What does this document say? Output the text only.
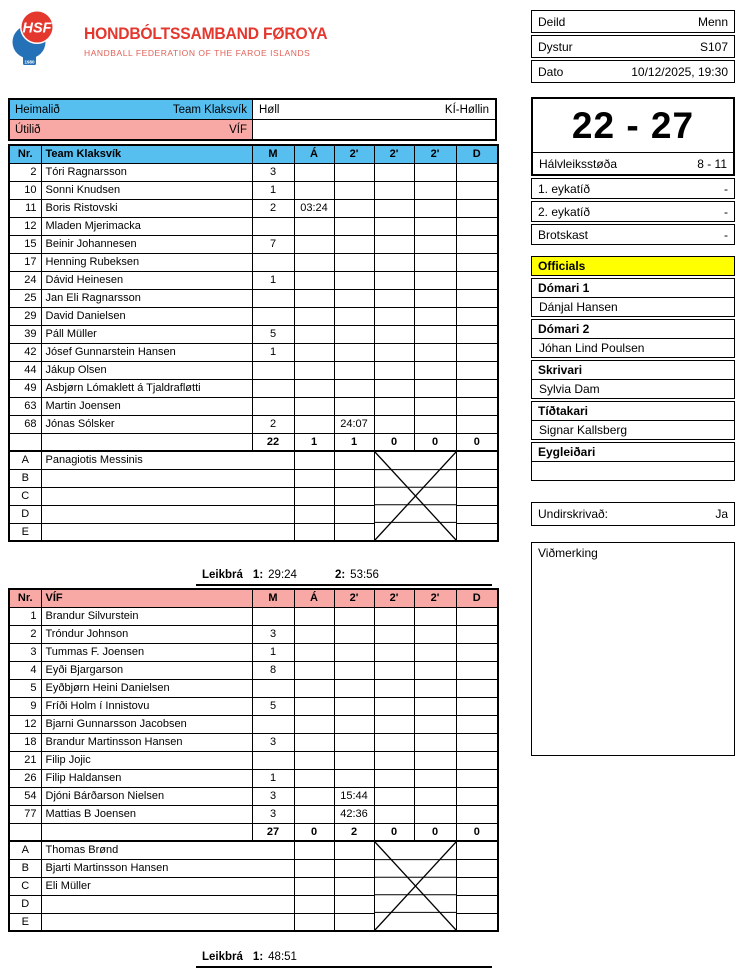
1980
HSF HONDBÓLTSSAMBAND FØROYA
HANDBALL FEDERATION OF THE FAROE ISLANDS
Heimalið	Team Klaksvík Høll	KÍ-Høllin
Útilið	VÍF
Nr.	Team Klaksvík	M	Á	2'	2'	2'	D
2	Tóri Ragnarsson	3					
10	Sonni Knudsen	1					
11	Boris Ristovski	2	03:24				
12	Mladen Mjerimacka						
15	Beinir Johannesen	7					
17	Henning Rubeksen						
24	Dávid Heinesen	1					
25	Jan Eli Ragnarsson						
29	David Danielsen						
39	Páll Müller	5					
42	Jósef Gunnarstein Hansen	1					
44	Jákup Olsen						
49	Asbjørn Lómaklett á Tjaldrafløtti						
63	Martin Joensen						
68	Jónas Sólsker	2		24:07			
		22	1	1	0	0	0
A	Panagiotis Messinis			

B							
C							
D							
E							
Leikbrá 1: 29:24	2: 53:56
Nr.	VÍF	M	Á	2'	2'	2'	D
1	Brandur Silvurstein						
2	Tróndur Johnson	3					
3	Tummas F. Joensen	1					
4	Eyði Bjargarson	8					
5	Eyðbjørn Heini Danielsen						
9	Fríði Holm í Innistovu	5					
12	Bjarni Gunnarsson Jacobsen						
18	Brandur Martinsson Hansen	3					
21	Filip Jojic						
26	Filip Haldansen	1					
54	Djóni Bárðarson Nielsen	3		15:44			
77	Mattias B Joensen	3		42:36			
		27	0	2	0	0	0
A	Thomas Brønd			

B	Bjarti Martinsson Hansen						
C	Eli Müller						
D							
E							
Leikbrá 1: 48:51
Deild	Menn
Dystur	S107
Dato	10/12/2025, 19:30
22 - 27
Hálvleiksstøða	8 - 11
1. eykatíð	-
2. eykatíð	-
Brotskast	-
Officials
Dómari 1
Dánjal Hansen
Dómari 2
Jóhan Lind Poulsen
Skrivari
Sylvia Dam
Tíðtakari
Signar Kallsberg
Eygleiðari
Undirskrivað:	Ja
Viðmerking
